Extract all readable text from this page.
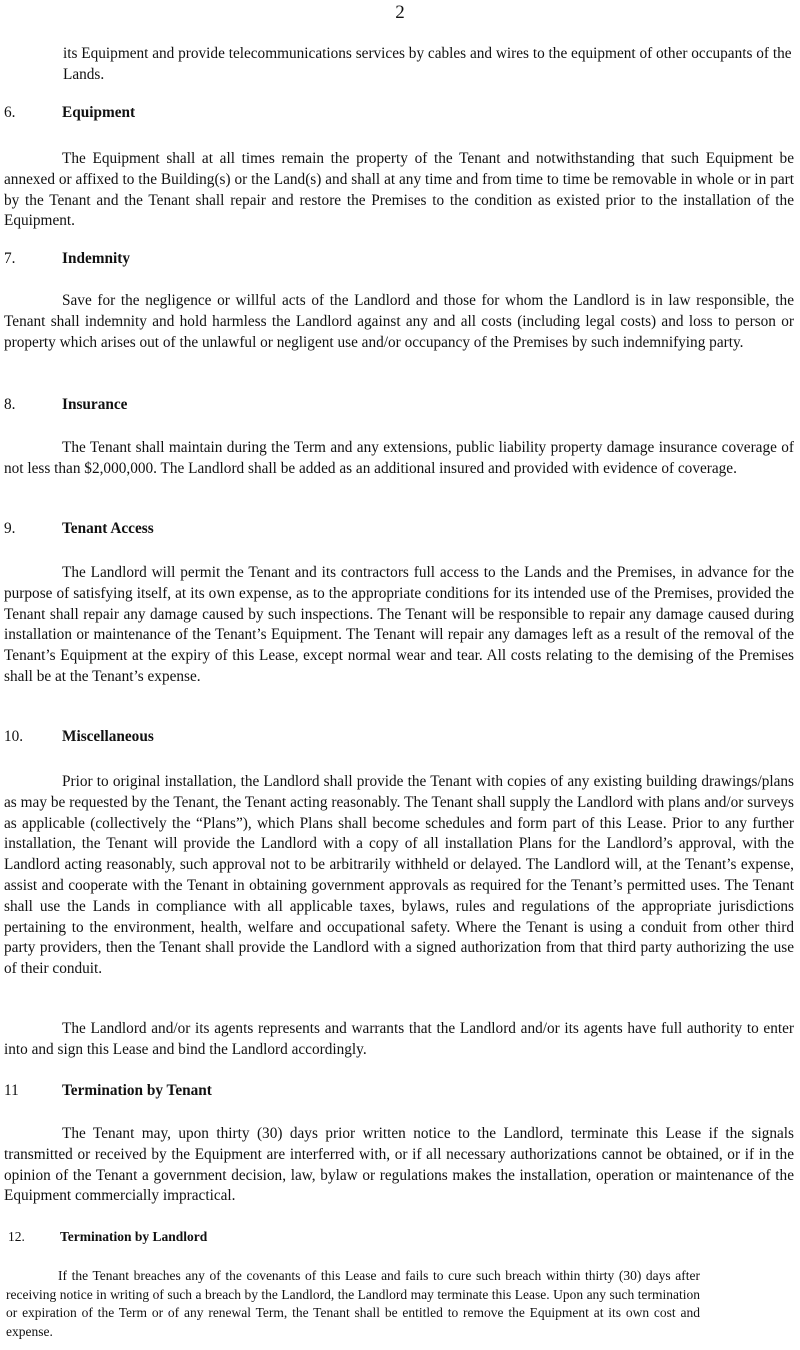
2

its Equipment and provide telecommunications services by cables and wires to the equipment of other occupants of the Lands.

6.	Equipment

The Equipment shall at all times remain the property of the Tenant and notwithstanding that such Equipment be annexed or affixed to the Building(s) or the Land(s) and shall at any time and from time to time be removable in whole or in part by the Tenant and the Tenant shall repair and restore the Premises to the condition as existed prior to the installation of the Equipment.

7.	Indemnity

Save for the negligence or willful acts of the Landlord and those for whom the Landlord is in law responsible, the Tenant shall indemnity and hold harmless the Landlord against any and all costs (including legal costs) and loss to person or property which arises out of the unlawful or negligent use and/or occupancy of the Premises by such indemnifying party.

8.	Insurance

The Tenant shall maintain during the Term and any extensions, public liability property damage insurance coverage of not less than $2,000,000. The Landlord shall be added as an additional insured and provided with evidence of coverage.

9.	Tenant Access

The Landlord will permit the Tenant and its contractors full access to the Lands and the Premises, in advance for the purpose of satisfying itself, at its own expense, as to the appropriate conditions for its intended use of the Premises, provided the Tenant shall repair any damage caused by such inspections. The Tenant will be responsible to repair any damage caused during installation or maintenance of the Tenant’s Equipment. The Tenant will repair any damages left as a result of the removal of the Tenant’s Equipment at the expiry of this Lease, except normal wear and tear. All costs relating to the demising of the Premises shall be at the Tenant’s expense.

10.	Miscellaneous

Prior to original installation, the Landlord shall provide the Tenant with copies of any existing building drawings/plans as may be requested by the Tenant, the Tenant acting reasonably. The Tenant shall supply the Landlord with plans and/or surveys as applicable (collectively the “Plans”), which Plans shall become schedules and form part of this Lease. Prior to any further installation, the Tenant will provide the Landlord with a copy of all installation Plans for the Landlord’s approval, with the Landlord acting reasonably, such approval not to be arbitrarily withheld or delayed. The Landlord will, at the Tenant’s expense, assist and cooperate with the Tenant in obtaining government approvals as required for the Tenant’s permitted uses. The Tenant shall use the Lands in compliance with all applicable taxes, bylaws, rules and regulations of the appropriate jurisdictions pertaining to the environment, health, welfare and occupational safety. Where the Tenant is using a conduit from other third party providers, then the Tenant shall provide the Landlord with a signed authorization from that third party authorizing the use of their conduit.

The Landlord and/or its agents represents and warrants that the Landlord and/or its agents have full authority to enter into and sign this Lease and bind the Landlord accordingly.

11	Termination by Tenant

The Tenant may, upon thirty (30) days prior written notice to the Landlord, terminate this Lease if the signals transmitted or received by the Equipment are interferred with, or if all necessary authorizations cannot be obtained, or if in the opinion of the Tenant a government decision, law, bylaw or regulations makes the installation, operation or maintenance of the Equipment commercially impractical.

12.	Termination by Landlord

If the Tenant breaches any of the covenants of this Lease and fails to cure such breach within thirty (30) days after receiving notice in writing of such a breach by the Landlord, the Landlord may terminate this Lease. Upon any such termination or expiration of the Term or of any renewal Term, the Tenant shall be entitled to remove the Equipment at its own cost and expense.
